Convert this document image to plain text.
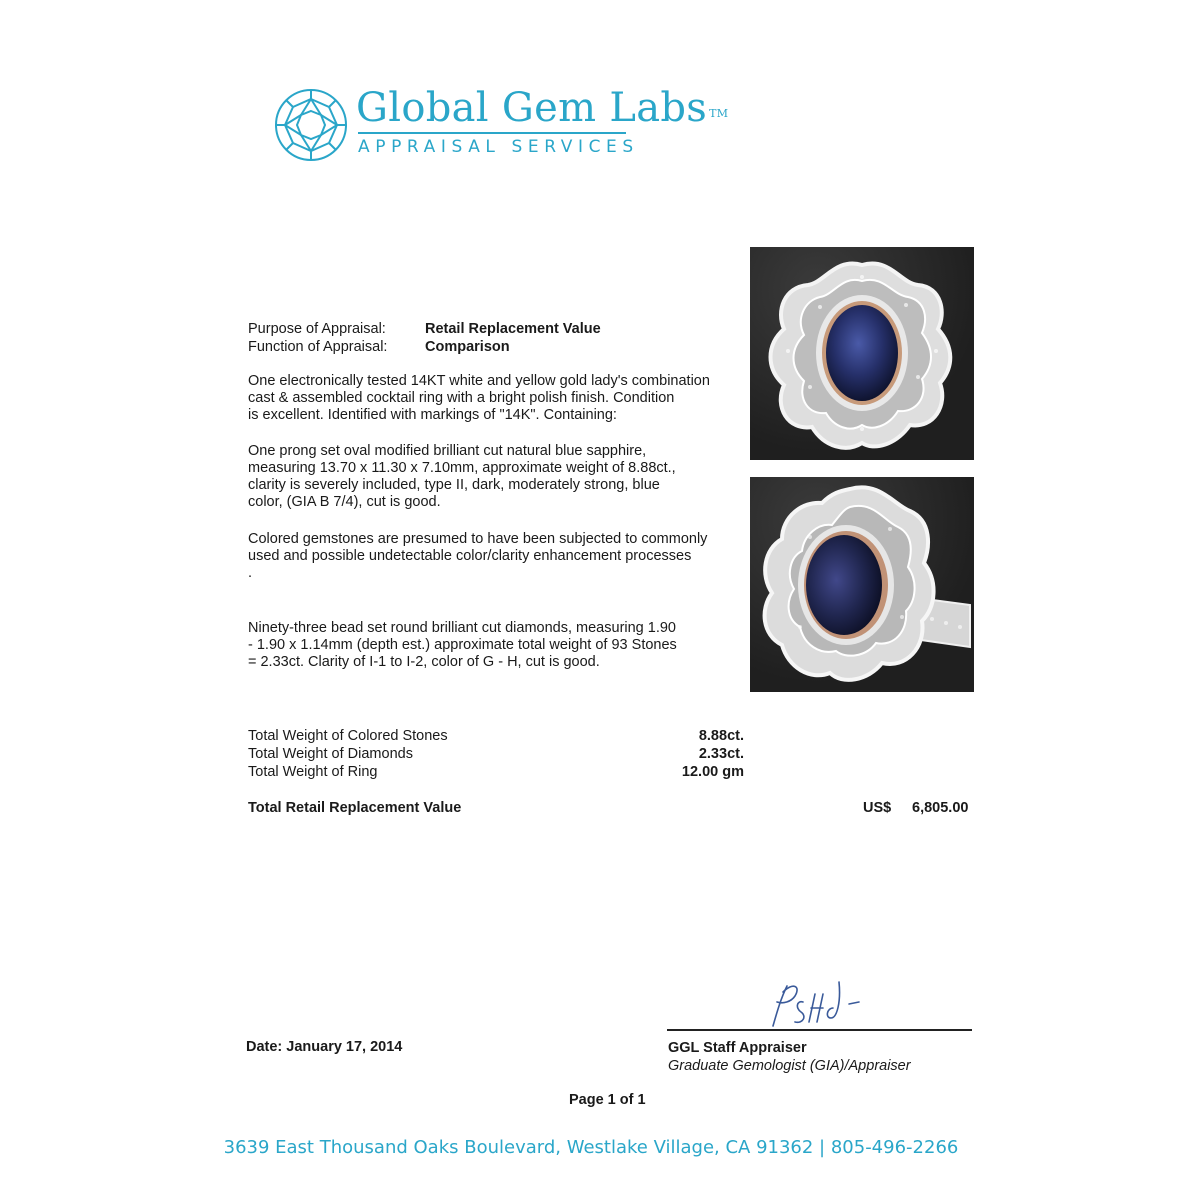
Global Gem Labs ™
APPRAISAL SERVICES
Purpose of Appraisal:	Retail Replacement Value
Function of Appraisal:	Comparison
One electronically tested 14KT white and yellow gold lady's combination
cast & assembled cocktail ring with a bright polish finish. Condition
is excellent. Identified with markings of "14K". Containing:
One prong set oval modified brilliant cut natural blue sapphire,
measuring 13.70 x 11.30 x 7.10mm, approximate weight of 8.88ct.,
clarity is severely included, type II, dark, moderately strong, blue
color, (GIA B 7/4), cut is good.
Colored gemstones are presumed to have been subjected to commonly
used and possible undetectable color/clarity enhancement processes
.
Ninety-three bead set round brilliant cut diamonds, measuring 1.90
- 1.90 x 1.14mm (depth est.) approximate total weight of 93 Stones
= 2.33ct. Clarity of I-1 to I-2, color of G - H, cut is good.
Total Weight of Colored Stones	8.88ct.
Total Weight of Diamonds	2.33ct.
Total Weight of Ring	12.00 gm
Total Retail Replacement Value	US$ 6,805.00
Date: January 17, 2014	GGL Staff Appraiser
Graduate Gemologist (GIA)/Appraiser
Page 1 of 1
3639 East Thousand Oaks Boulevard, Westlake Village, CA 91362 | 805-496-2266
